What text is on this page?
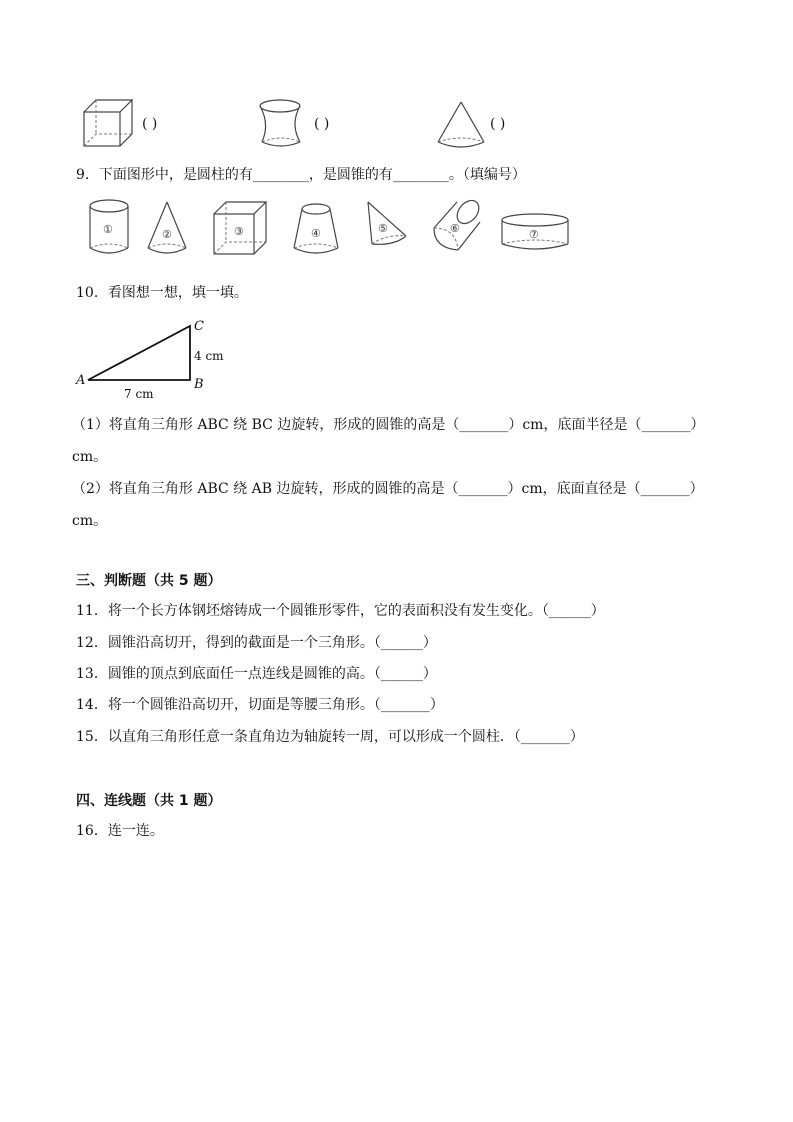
( )	( )	( )
9．下面图形中，是圆柱的有________，是圆锥的有________。（填编号）
①	②	③	④	⑤	⑥	⑦
10．看图想一想，填一填。
A	B
C
7 cm
4 cm
（1）将直角三角形 ABC 绕 BC 边旋转，形成的圆锥的高是（_______）cm，底面半径是（_______）
cm。
（2）将直角三角形 ABC 绕 AB 边旋转，形成的圆锥的高是（_______）cm，底面直径是（_______）
cm。
三、判断题（共 5 题）
11．将一个长方体钢坯熔铸成一个圆锥形零件，它的表面积没有发生变化。（______）
12．圆锥沿高切开，得到的截面是一个三角形。（______）
13．圆锥的顶点到底面任一点连线是圆锥的高。（______）
14．将一个圆锥沿高切开，切面是等腰三角形。（_______）
15．以直角三角形任意一条直角边为轴旋转一周，可以形成一个圆柱．（_______）
四、连线题（共 1 题）
16．连一连。
